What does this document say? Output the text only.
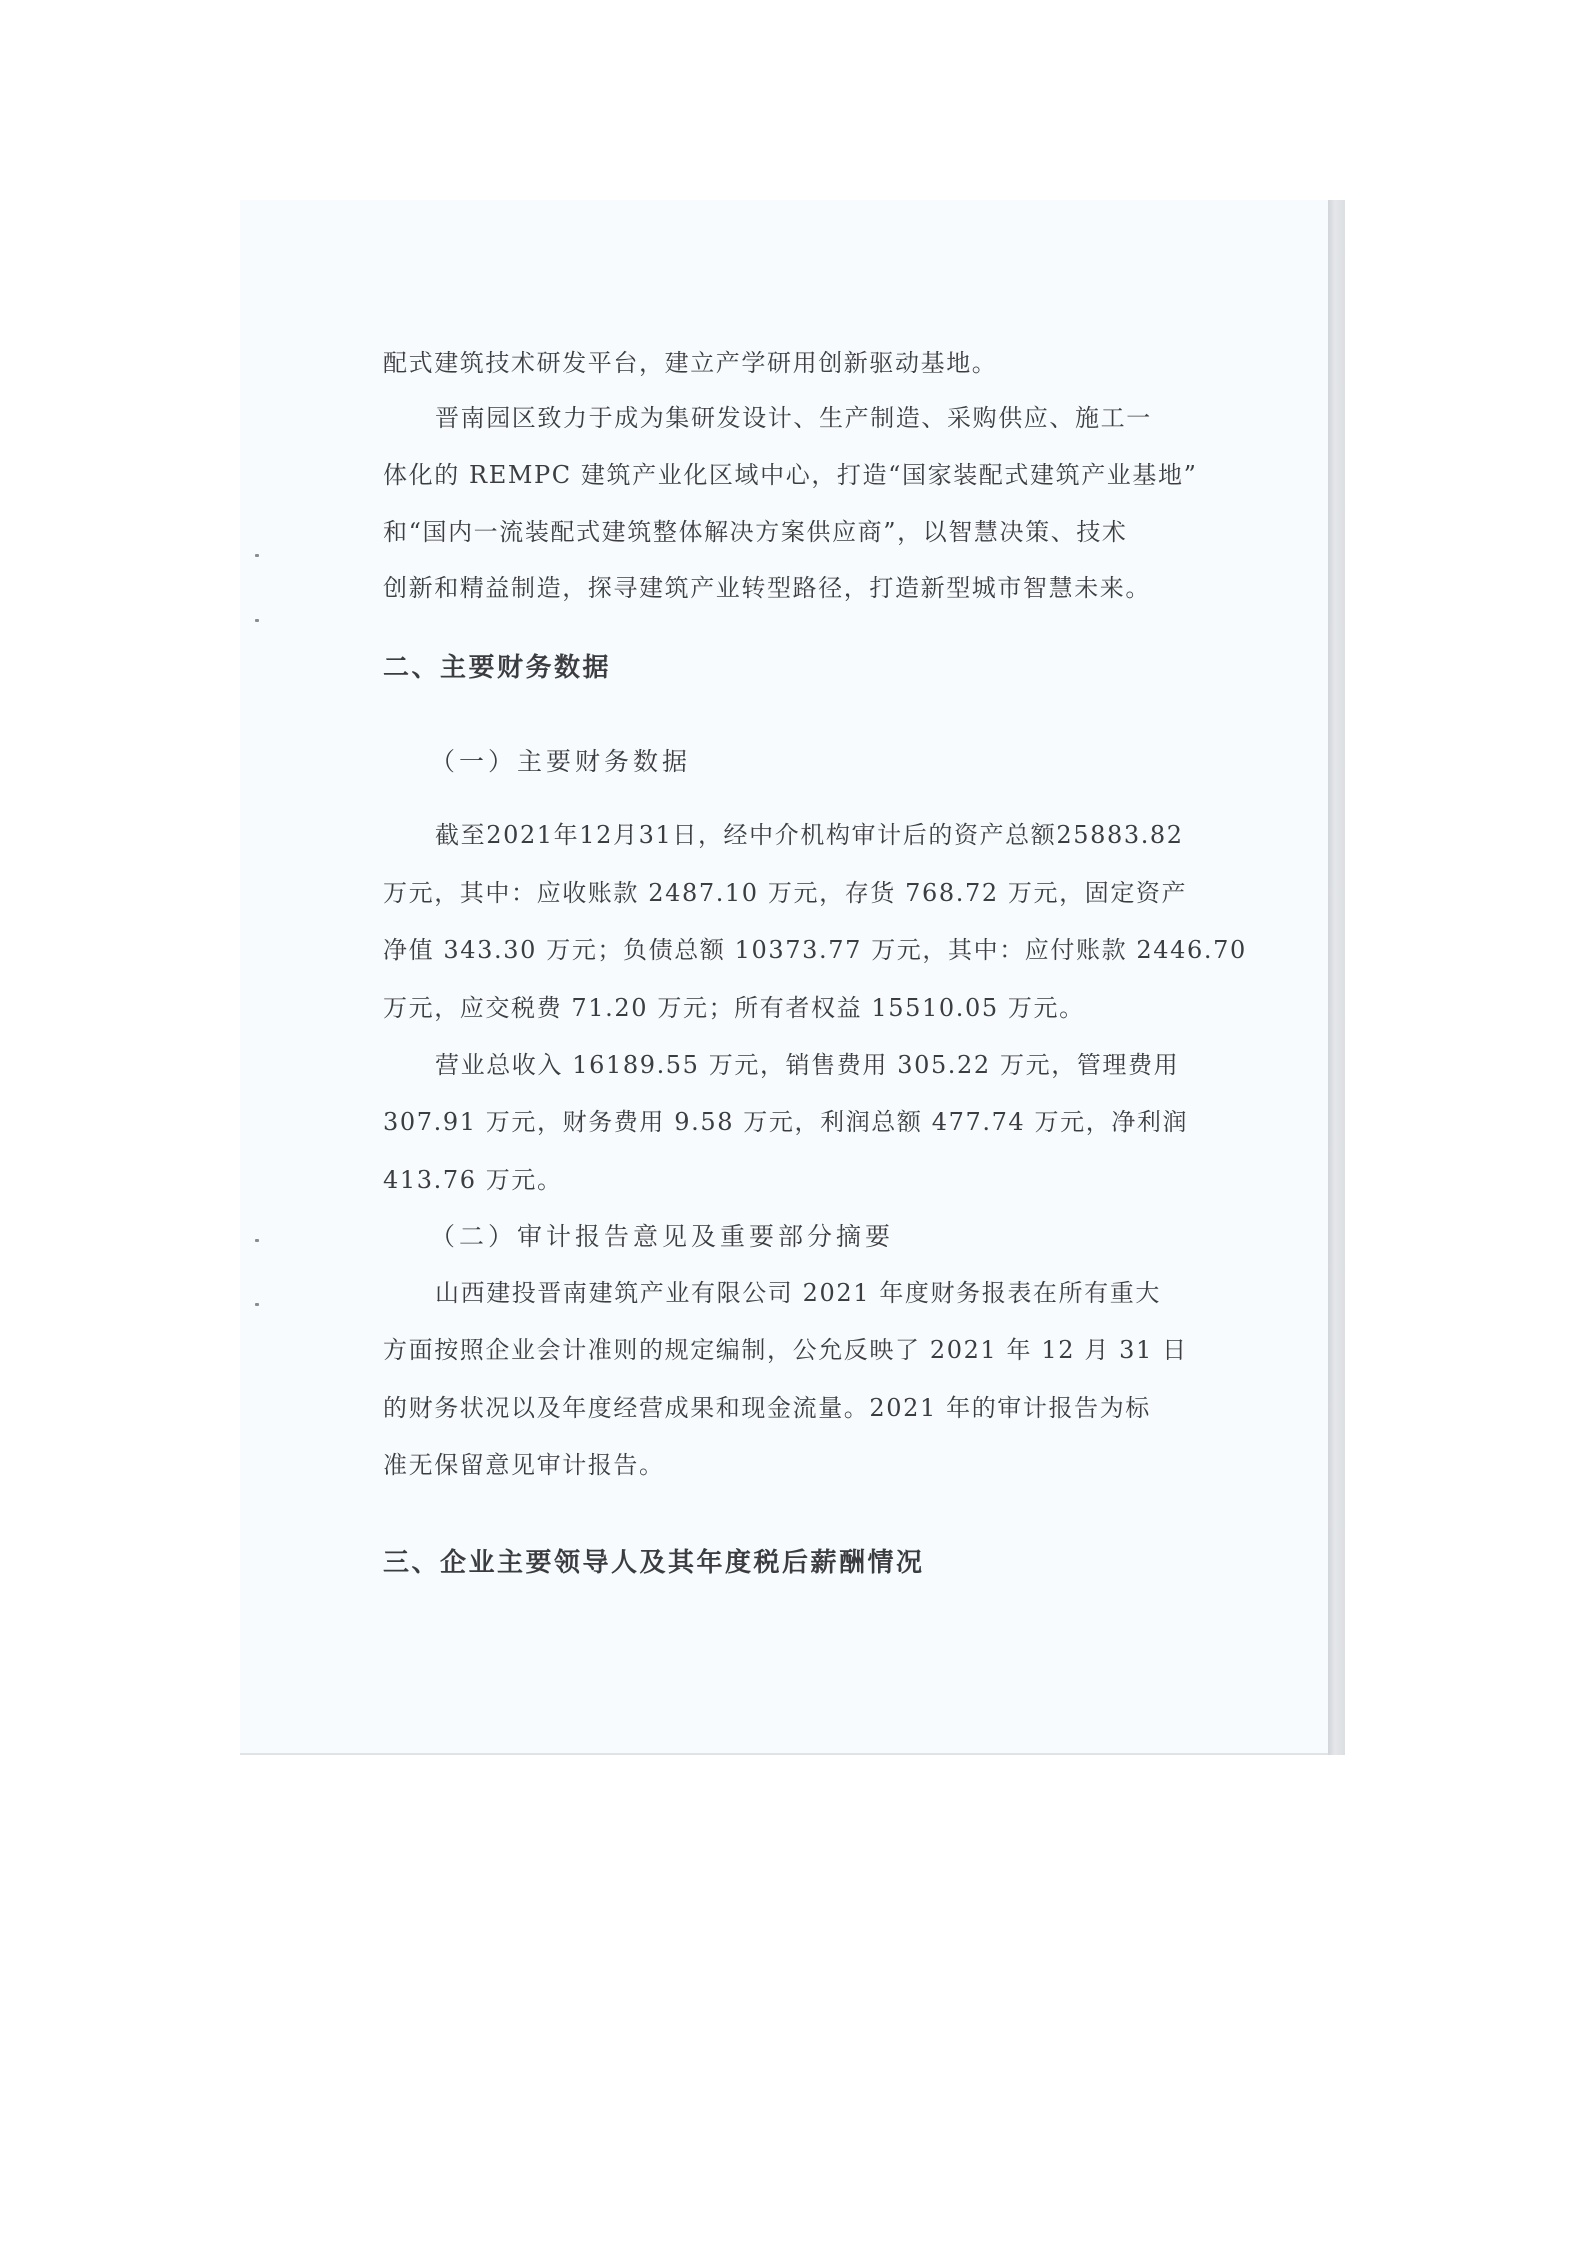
配式建筑技术研发平台，建立产学研用创新驱动基地。
晋南园区致力于成为集研发设计、生产制造、采购供应、施工一
体化的 REMPC 建筑产业化区域中心，打造“国家装配式建筑产业基地”
和“国内一流装配式建筑整体解决方案供应商”，以智慧决策、技术
创新和精益制造，探寻建筑产业转型路径，打造新型城市智慧未来。
二、主要财务数据
（一）主要财务数据
截至2021年12月31日，经中介机构审计后的资产总额25883.82
万元，其中：应收账款 2487.10 万元，存货 768.72 万元，固定资产
净值 343.30 万元；负债总额 10373.77 万元，其中：应付账款 2446.70
万元，应交税费 71.20 万元；所有者权益 15510.05 万元。
营业总收入 16189.55 万元，销售费用 305.22 万元，管理费用
307.91 万元，财务费用 9.58 万元，利润总额 477.74 万元，净利润
413.76 万元。
（二）审计报告意见及重要部分摘要
山西建投晋南建筑产业有限公司 2021 年度财务报表在所有重大
方面按照企业会计准则的规定编制，公允反映了 2021 年 12 月 31 日
的财务状况以及年度经营成果和现金流量。2021 年的审计报告为标
准无保留意见审计报告。
三、企业主要领导人及其年度税后薪酬情况
